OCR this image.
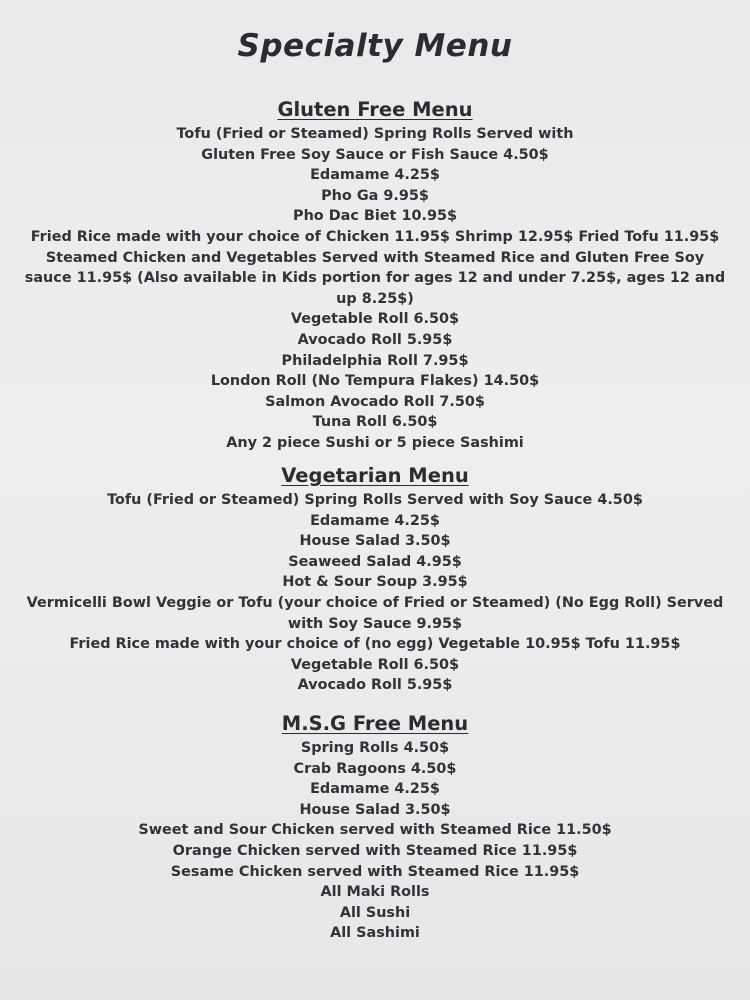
Specialty Menu
Gluten Free Menu
Tofu (Fried or Steamed) Spring Rolls Served with
Gluten Free Soy Sauce or Fish Sauce 4.50$
Edamame 4.25$
Pho Ga 9.95$
Pho Dac Biet 10.95$
Fried Rice made with your choice of Chicken 11.95$ Shrimp 12.95$ Fried Tofu 11.95$
Steamed Chicken and Vegetables Served with Steamed Rice and Gluten Free Soy
sauce 11.95$ (Also available in Kids portion for ages 12 and under 7.25$, ages 12 and
up 8.25$)
Vegetable Roll 6.50$
Avocado Roll 5.95$
Philadelphia Roll 7.95$
London Roll (No Tempura Flakes) 14.50$
Salmon Avocado Roll 7.50$
Tuna Roll 6.50$
Any 2 piece Sushi or 5 piece Sashimi
Vegetarian Menu
Tofu (Fried or Steamed) Spring Rolls Served with Soy Sauce 4.50$
Edamame 4.25$
House Salad 3.50$
Seaweed Salad 4.95$
Hot & Sour Soup 3.95$
Vermicelli Bowl Veggie or Tofu (your choice of Fried or Steamed) (No Egg Roll) Served
with Soy Sauce 9.95$
Fried Rice made with your choice of (no egg) Vegetable 10.95$ Tofu 11.95$
Vegetable Roll 6.50$
Avocado Roll 5.95$
M.S.G Free Menu
Spring Rolls 4.50$
Crab Ragoons 4.50$
Edamame 4.25$
House Salad 3.50$
Sweet and Sour Chicken served with Steamed Rice 11.50$
Orange Chicken served with Steamed Rice 11.95$
Sesame Chicken served with Steamed Rice 11.95$
All Maki Rolls
All Sushi
All Sashimi
